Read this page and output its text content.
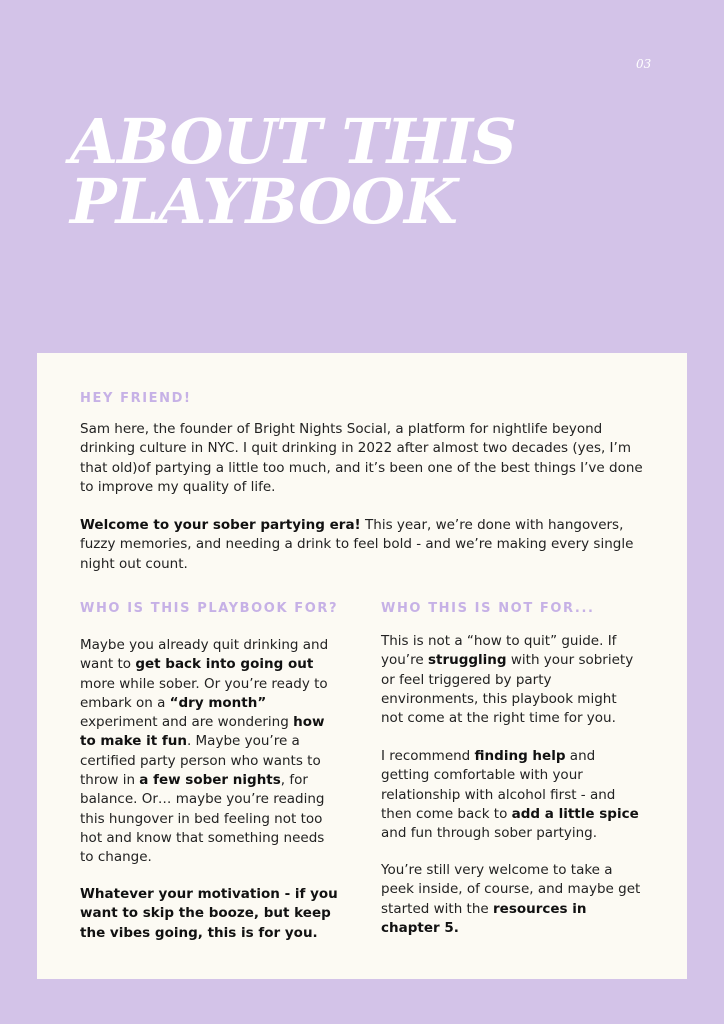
03
ABOUT THIS
PLAYBOOK
HEY FRIEND!

Sam here, the founder of Bright Nights Social, a platform for nightlife beyond drinking culture in NYC. I quit drinking in 2022 after almost two decades (yes, I’m that old)of partying a little too much, and it’s been one of the best things I’ve done to improve my quality of life.

Welcome to your sober partying era! This year, we’re done with hangovers, fuzzy memories, and needing a drink to feel bold - and we’re making every single night out count.

WHO IS THIS PLAYBOOK FOR?

Maybe you already quit drinking and want to get back into going out more while sober. Or you’re ready to embark on a “dry month” experiment and are wondering how to make it fun. Maybe you’re a certified party person who wants to throw in a few sober nights, for balance. Or… maybe you’re reading this hungover in bed feeling not too hot and know that something needs to change.

Whatever your motivation - if you want to skip the booze, but keep the vibes going, this is for you.

WHO THIS IS NOT FOR...

This is not a “how to quit” guide. If you’re struggling with your sobriety or feel triggered by party environments, this playbook might not come at the right time for you.

I recommend finding help and getting comfortable with your relationship with alcohol first - and then come back to add a little spice and fun through sober partying.

You’re still very welcome to take a peek inside, of course, and maybe get started with the resources in chapter 5.
